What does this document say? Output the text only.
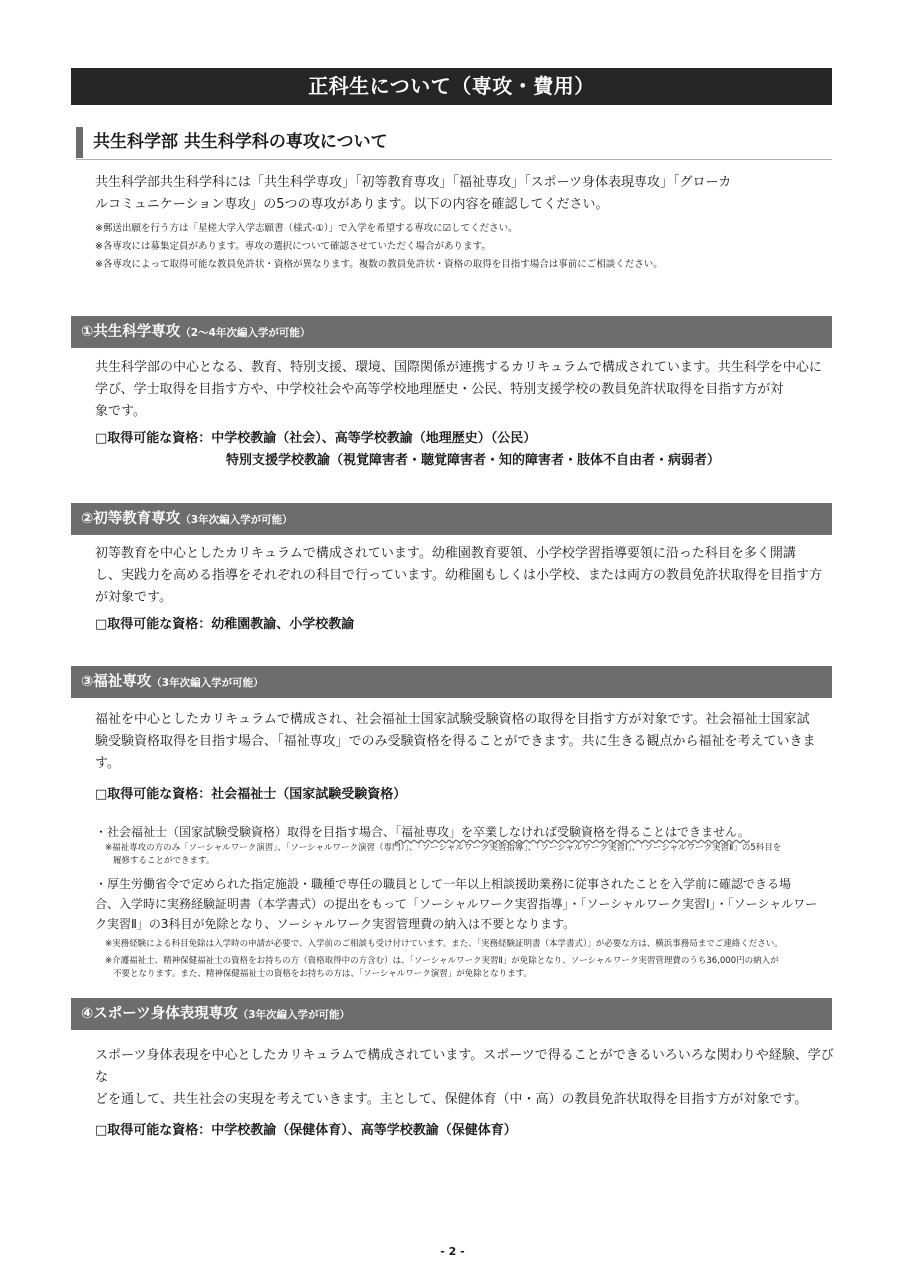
正科生について（専攻・費用）
共生科学部 共生科学科の専攻について

共生科学部共生科学科には「共生科学専攻」「初等教育専攻」「福祉専攻」「スポーツ身体表現専攻」「グローカ

ルコミュニケーション専攻」の5つの専攻があります。以下の内容を確認してください。

※郵送出願を行う方は「星槎大学入学志願書（様式-①）」で入学を希望する専攻に☑してください。

※各専攻には募集定員があります。専攻の選択について確認させていただく場合があります。

※各専攻によって取得可能な教員免許状・資格が異なります。複数の教員免許状・資格の取得を目指す場合は事前にご相談ください。

①共生科学専攻（2〜4年次編入学が可能）

共生科学部の中心となる、教育、特別支援、環境、国際関係が連携するカリキュラムで構成されています。共生科学を中心に

学び、学士取得を目指す方や、中学校社会や高等学校地理歴史・公民、特別支援学校の教員免許状取得を目指す方が対

象です。

□取得可能な資格：中学校教諭（社会）、高等学校教諭（地理歴史）（公民）

特別支援学校教諭（視覚障害者・聴覚障害者・知的障害者・肢体不自由者・病弱者）

②初等教育専攻（3年次編入学が可能）

初等教育を中心としたカリキュラムで構成されています。幼稚園教育要領、小学校学習指導要領に沿った科目を多く開講

し、実践力を高める指導をそれぞれの科目で行っています。幼稚園もしくは小学校、または両方の教員免許状取得を目指す方

が対象です。

□取得可能な資格：幼稚園教諭、小学校教諭

③福祉専攻（3年次編入学が可能）

福祉を中心としたカリキュラムで構成され、社会福祉士国家試験受験資格の取得を目指す方が対象です。社会福祉士国家試

験受験資格取得を目指す場合、「福祉専攻」でのみ受験資格を得ることができます。共に生きる観点から福祉を考えていきます。

□取得可能な資格：社会福祉士（国家試験受験資格）

・社会福祉士（国家試験受験資格）取得を目指す場合、「福祉専攻」を卒業しなければ受験資格を得ることはできません。

※福祉専攻の方のみ「ソーシャルワーク演習」、「ソーシャルワーク演習（専門）」、「ソーシャルワーク実習指導」、「ソーシャルワーク実習Ⅰ」、「ソーシャルワーク実習Ⅱ」の5科目を

履修することができます。

・厚生労働省令で定められた指定施設・職種で専任の職員として一年以上相談援助業務に従事されたことを入学前に確認できる場

合、入学時に実務経験証明書（本学書式）の提出をもって「ソーシャルワーク実習指導」・「ソーシャルワーク実習Ⅰ」・「ソーシャルワー

ク実習Ⅱ」の3科目が免除となり、ソーシャルワーク実習管理費の納入は不要となります。

※実務経験による科目免除は入学時の申請が必要で、入学前のご相談も受け付けています。また、「実務経験証明書（本学書式）」が必要な方は、横浜事務局までご連絡ください。

※介護福祉士、精神保健福祉士の資格をお持ちの方（資格取得中の方含む）は、「ソーシャルワーク実習Ⅱ」が免除となり、ソーシャルワーク実習管理費のうち36,000円の納入が

不要となります。また、精神保健福祉士の資格をお持ちの方は、「ソーシャルワーク演習」が免除となります。

④スポーツ身体表現専攻（3年次編入学が可能）

スポーツ身体表現を中心としたカリキュラムで構成されています。スポーツで得ることができるいろいろな関わりや経験、学びな

どを通して、共生社会の実現を考えていきます。主として、保健体育（中・高）の教員免許状取得を目指す方が対象です。

□取得可能な資格：中学校教諭（保健体育）、高等学校教諭（保健体育）

- 2 -
